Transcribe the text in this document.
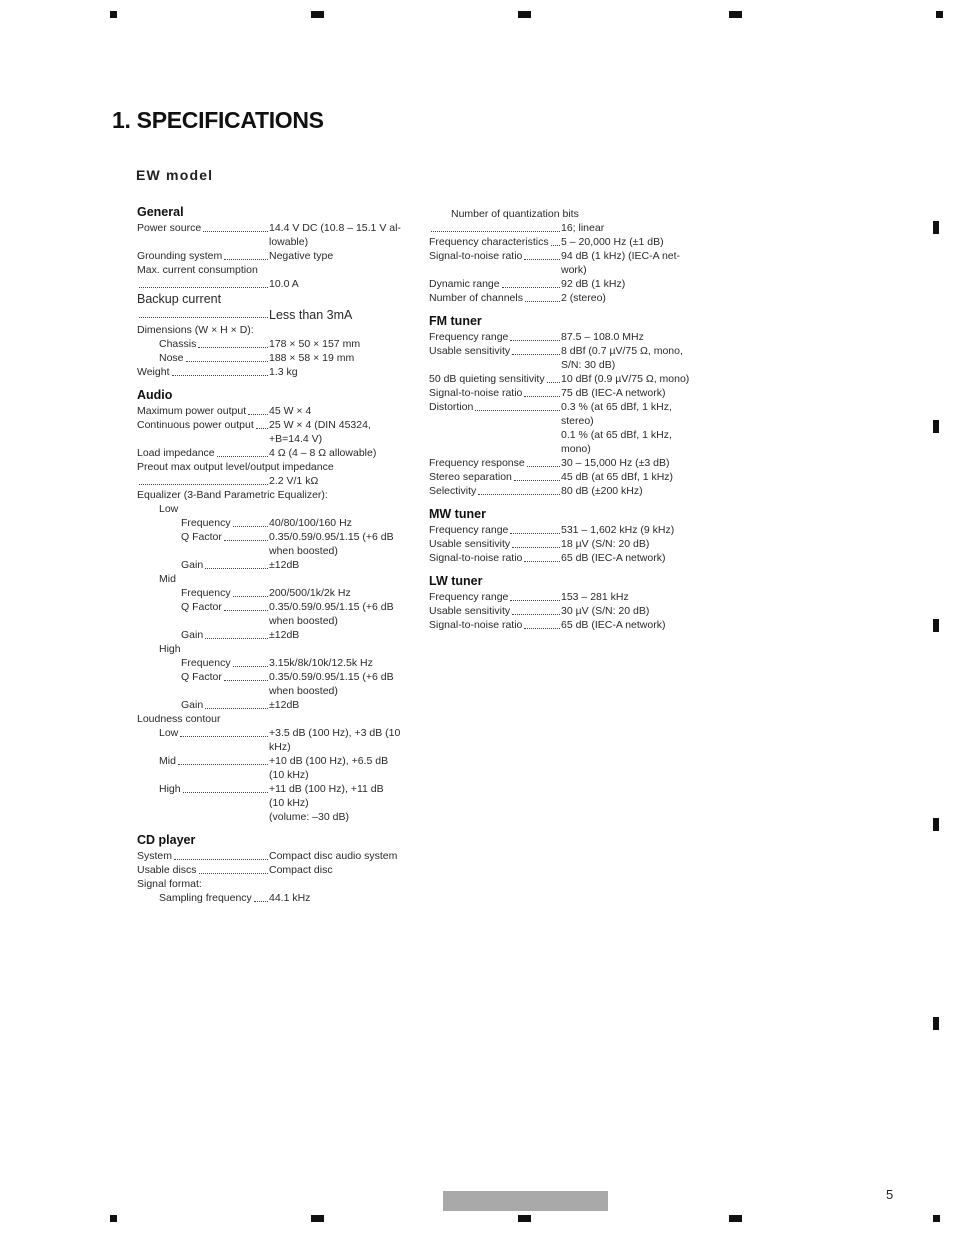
1. SPECIFICATIONS
EW model
General
Power source	14.4 V DC (10.8 – 15.1 V al-
lowable)
Grounding system	Negative type
Max. current consumption
10.0 A
Backup current
Less than 3mA
Dimensions (W × H × D):
Chassis	178 × 50 × 157 mm
Nose	188 × 58 × 19 mm
Weight	1.3 kg
Audio
Maximum power output 45 W × 4
Continuous power output 25 W × 4 (DIN 45324,
+B=14.4 V)
Load impedance	4 Ω (4 – 8 Ω allowable)
Preout max output level/output impedance
2.2 V/1 kΩ
Equalizer (3-Band Parametric Equalizer):
Low
Frequency	40/80/100/160 Hz
Q Factor	0.35/0.59/0.95/1.15 (+6 dB
when boosted)
Gain	±12dB
Mid
Frequency	200/500/1k/2k Hz
Q Factor	0.35/0.59/0.95/1.15 (+6 dB
when boosted)
Gain	±12dB
High
Frequency	3.15k/8k/10k/12.5k Hz
Q Factor	0.35/0.59/0.95/1.15 (+6 dB
when boosted)
Gain	±12dB
Loudness contour
Low	+3.5 dB (100 Hz), +3 dB (10
kHz)
Mid	+10 dB (100 Hz), +6.5 dB
(10 kHz)
High	+11 dB (100 Hz), +11 dB
(10 kHz)
(volume: –30 dB)
CD player
System	Compact disc audio system
Usable discs	Compact disc
Signal format:
Sampling frequency 44.1 kHz
Number of quantization bits
16; linear
Frequency characteristics 5 – 20,000 Hz (±1 dB)
Signal-to-noise ratio	94 dB (1 kHz) (IEC-A net-
work)
Dynamic range	92 dB (1 kHz)
Number of channels	2 (stereo)
FM tuner
Frequency range	87.5 – 108.0 MHz
Usable sensitivity	8 dBf (0.7 µV/75 Ω, mono,
S/N: 30 dB)
50 dB quieting sensitivity 10 dBf (0.9 µV/75 Ω, mono)
Signal-to-noise ratio	75 dB (IEC-A network)
Distortion	0.3 % (at 65 dBf, 1 kHz,
stereo)
0.1 % (at 65 dBf, 1 kHz,
mono)
Frequency response	30 – 15,000 Hz (±3 dB)
Stereo separation	45 dB (at 65 dBf, 1 kHz)
Selectivity	80 dB (±200 kHz)
MW tuner
Frequency range	531 – 1,602 kHz (9 kHz)
Usable sensitivity	18 µV (S/N: 20 dB)
Signal-to-noise ratio	65 dB (IEC-A network)
LW tuner
Frequency range	153 – 281 kHz
Usable sensitivity	30 µV (S/N: 20 dB)
Signal-to-noise ratio	65 dB (IEC-A network)
5
